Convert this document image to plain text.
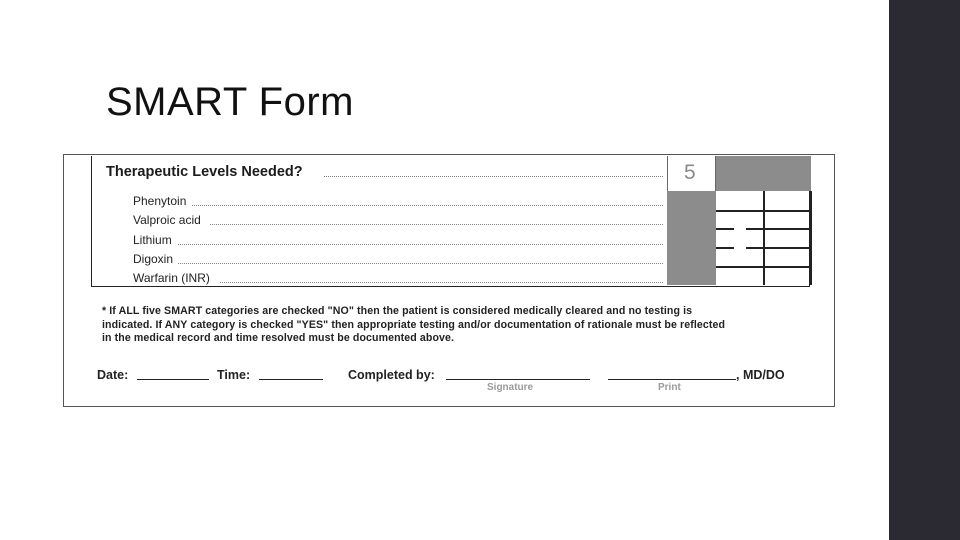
SMART Form
Therapeutic Levels Needed?
Phenytoin
Valproic acid
Lithium
Digoxin
Warfarin (INR)
5
* If ALL five SMART categories are checked "NO" then the patient is considered medically cleared and no testing is
indicated. If ANY category is checked "YES" then appropriate testing and/or documentation of rationale must be reflected
in the medical record and time resolved must be documented above.
Date:	Time:	Completed by:	, MD/DO
Signature	Print
